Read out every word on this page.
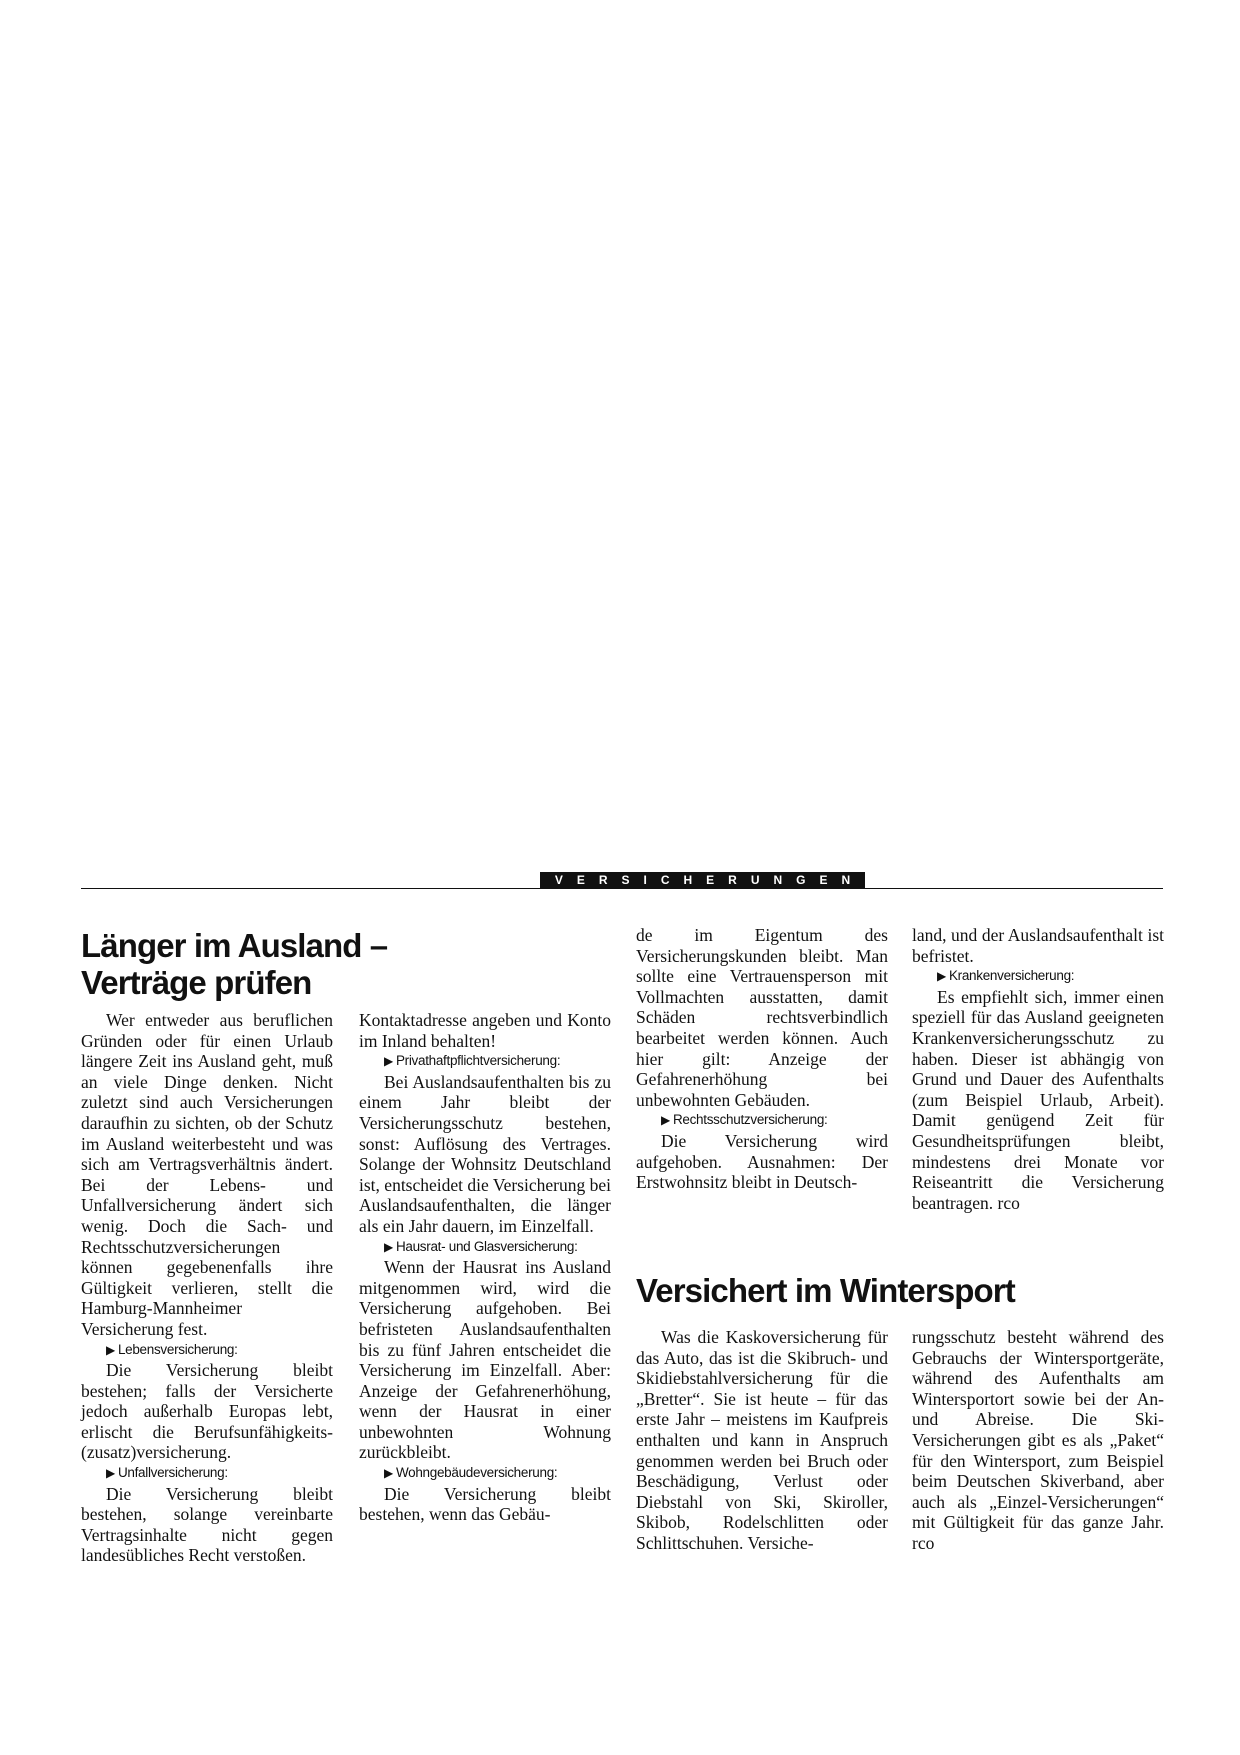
VERSICHERUNGEN
Länger im Ausland –
Verträge prüfen

Wer entweder aus beruflichen Gründen oder für einen Urlaub längere Zeit ins Ausland geht, muß an viele Dinge denken. Nicht zuletzt sind auch Versicherungen daraufhin zu sichten, ob der Schutz im Ausland weiterbesteht und was sich am Vertragsverhältnis ändert. Bei der Lebens- und Unfallversicherung ändert sich wenig. Doch die Sach- und Rechtsschutzversicherungen können gegebenenfalls ihre Gültigkeit verlieren, stellt die Hamburg-Mannheimer Versicherung fest.

▶ Lebensversicherung:

Die Versicherung bleibt bestehen; falls der Versicherte jedoch außerhalb Europas lebt, erlischt die Berufsunfähigkeits-(zusatz)versicherung.

▶ Unfallversicherung:

Die Versicherung bleibt bestehen, solange vereinbarte Vertragsinhalte nicht gegen landesübliches Recht verstoßen.

Kontaktadresse angeben und Konto im Inland behalten!

▶ Privathaftpflichtversicherung:

Bei Auslandsaufenthalten bis zu einem Jahr bleibt der Versicherungsschutz bestehen, sonst: Auflösung des Vertrages. Solange der Wohnsitz Deutschland ist, entscheidet die Versicherung bei Auslandsaufenthalten, die länger als ein Jahr dauern, im Einzelfall.

▶ Hausrat- und Glasversicherung:

Wenn der Hausrat ins Ausland mitgenommen wird, wird die Versicherung aufgehoben. Bei befristeten Auslandsaufenthalten bis zu fünf Jahren entscheidet die Versicherung im Einzelfall. Aber: Anzeige der Gefahrenerhöhung, wenn der Hausrat in einer unbewohnten Wohnung zurückbleibt.

▶ Wohngebäudeversicherung:

Die Versicherung bleibt bestehen, wenn das Gebäu-

de im Eigentum des Versicherungskunden bleibt. Man sollte eine Vertrauensperson mit Vollmachten ausstatten, damit Schäden rechtsverbindlich bearbeitet werden können. Auch hier gilt: Anzeige der Gefahrenerhöhung bei unbewohnten Gebäuden.

▶ Rechtsschutzversicherung:

Die Versicherung wird aufgehoben. Ausnahmen: Der Erstwohnsitz bleibt in Deutsch-

land, und der Auslandsaufenthalt ist befristet.

▶ Krankenversicherung:

Es empfiehlt sich, immer einen speziell für das Ausland geeigneten Krankenversicherungsschutz zu haben. Dieser ist abhängig von Grund und Dauer des Aufenthalts (zum Beispiel Urlaub, Arbeit). Damit genügend Zeit für Gesundheitsprüfungen bleibt, mindestens drei Monate vor Reiseantritt die Versicherung beantragen. rco

Versichert im Wintersport

Was die Kaskoversicherung für das Auto, das ist die Skibruch- und Skidiebstahlversicherung für die „Bretter“. Sie ist heute – für das erste Jahr – meistens im Kaufpreis enthalten und kann in Anspruch genommen werden bei Bruch oder Beschädigung, Verlust oder Diebstahl von Ski, Skiroller, Skibob, Rodelschlitten oder Schlittschuhen. Versiche-

rungsschutz besteht während des Gebrauchs der Wintersportgeräte, während des Aufenthalts am Wintersportort sowie bei der An- und Abreise. Die Ski-Versicherungen gibt es als „Paket“ für den Wintersport, zum Beispiel beim Deutschen Skiverband, aber auch als „Einzel-Versicherungen“ mit Gültigkeit für das ganze Jahr. rco
